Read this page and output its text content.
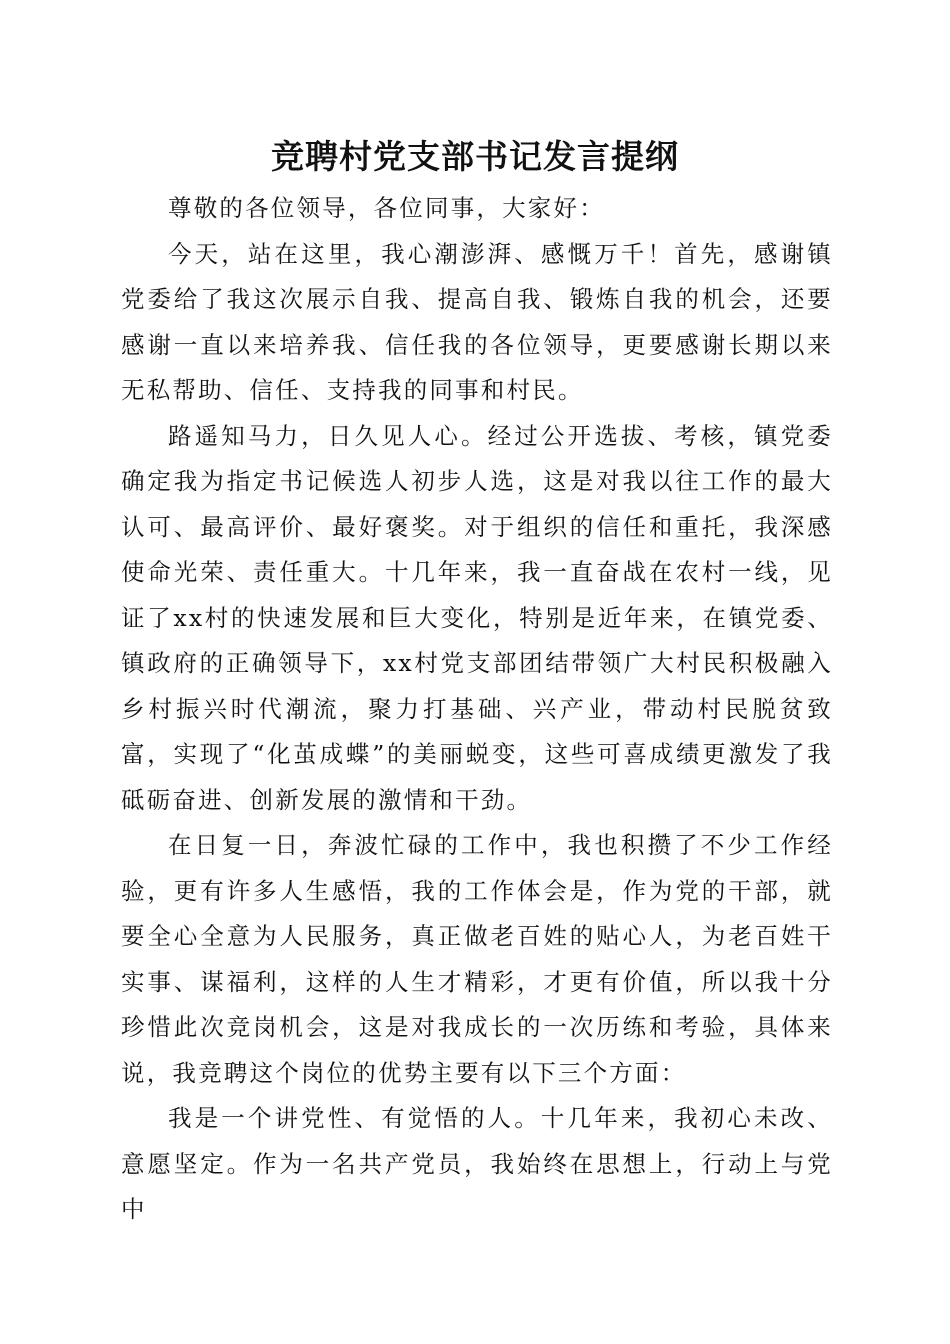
竞聘村党支部书记发言提纲

尊敬的各位领导，各位同事，大家好：

今天，站在这里，我心潮澎湃、感慨万千！首先，感谢镇党委给了我这次展示自我、提高自我、锻炼自我的机会，还要感谢一直以来培养我、信任我的各位领导，更要感谢长期以来无私帮助、信任、支持我的同事和村民。

路遥知马力，日久见人心。经过公开选拔、考核，镇党委确定我为指定书记候选人初步人选，这是对我以往工作的最大认可、最高评价、最好褒奖。对于组织的信任和重托，我深感使命光荣、责任重大。十几年来，我一直奋战在农村一线，见证了xx村的快速发展和巨大变化，特别是近年来，在镇党委、镇政府的正确领导下，xx村党支部团结带领广大村民积极融入乡村振兴时代潮流，聚力打基础、兴产业，带动村民脱贫致富，实现了“化茧成蝶”的美丽蜕变，这些可喜成绩更激发了我砥砺奋进、创新发展的激情和干劲。

在日复一日，奔波忙碌的工作中，我也积攒了不少工作经验，更有许多人生感悟，我的工作体会是，作为党的干部，就要全心全意为人民服务，真正做老百姓的贴心人，为老百姓干实事、谋福利，这样的人生才精彩，才更有价值，所以我十分珍惜此次竞岗机会，这是对我成长的一次历练和考验，具体来说，我竞聘这个岗位的优势主要有以下三个方面：

我是一个讲党性、有觉悟的人。十几年来，我初心未改、意愿坚定。作为一名共产党员，我始终在思想上，行动上与党中
